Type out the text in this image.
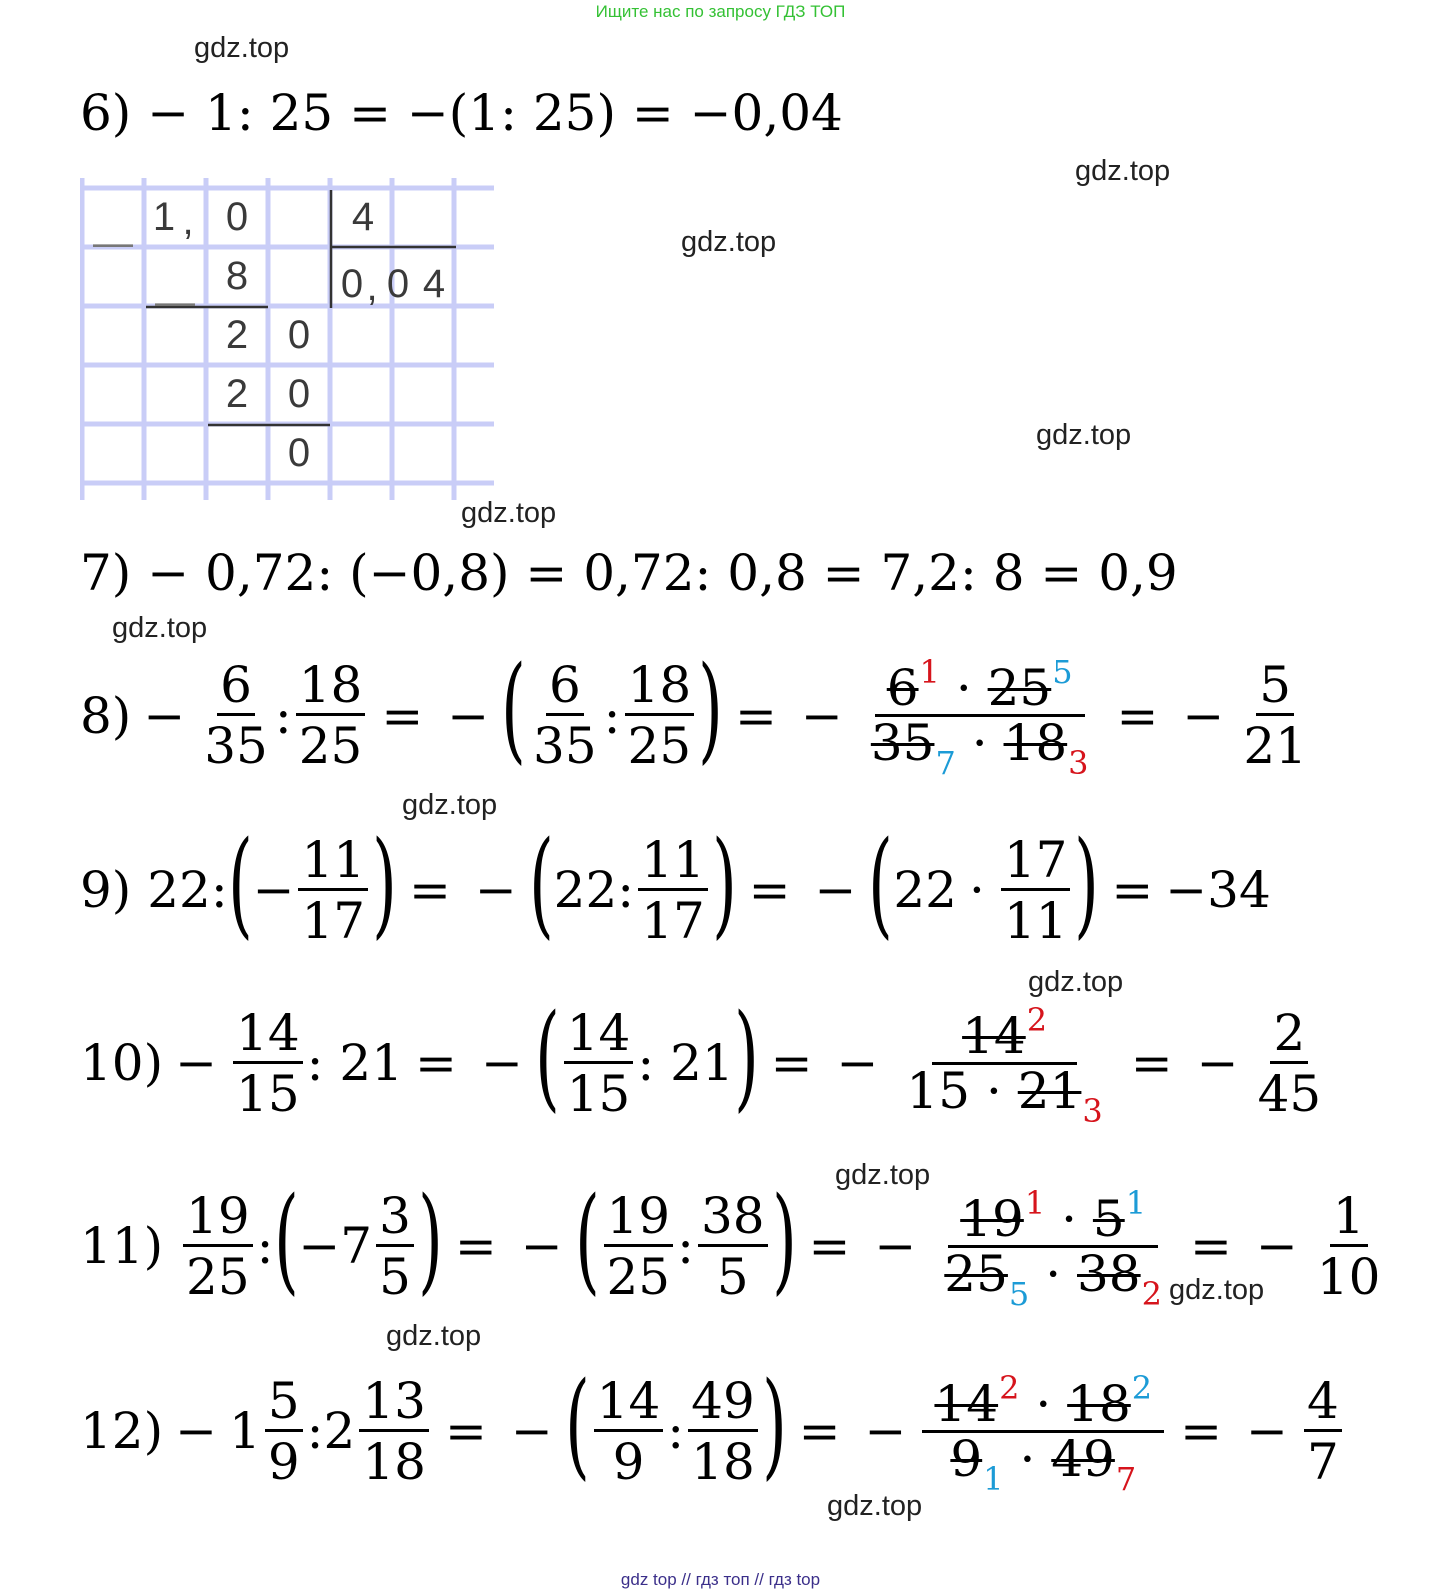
Ищите нас по запросу ГДЗ ТОП
gdz.top
gdz.top
gdz.top
gdz.top
gdz.top
gdz.top
gdz.top
gdz.top
gdz.top
gdz.top
gdz.top
gdz.top
6)
− 1: 25 = −(1: 25) = −0,04
—
—
1 , 0	4
8	0 , 0 4
2 0
2 0
0
7)
− 0,72: (−0,8) = 0,72: 0,8 = 7,2: 8 = 0,9
$8) - \frac{6}{35}$ : $\frac{18}{25}$ = − ( $\frac{6}{35}$ : $\frac{18}{25}$ ) = − $\frac{6^1 \cdot 25^5}{35_7 \cdot 18_3}$ = − $\frac{5}{21}$
9)
22: ( − $\frac{11}{17}$ ) = − ( 22: $\frac{11}{17}$ ) = − ( $22 \cdot \frac{17}{11}$ ) = −34
$10) - \frac{14}{15}$ : 21 = − ( $\frac{14}{15}$ : 21 ) = − $\frac{14^2}{15 \cdot 21_3}$ = − $\frac{2}{45}$
11)
$\frac{19}{25}$ : ( $-7 \frac{3}{5}$ ) = − ( $\frac{19}{25}$ : $\frac{38}{5}$ ) = − $\frac{19^1 \cdot 5^1}{25_5 \cdot 38_2}$ = − $\frac{1}{10}$
$12) - 1 \frac{5}{9}$ : $2 \frac{13}{18}$ = − ( $\frac{14}{9}$ : $\frac{49}{18}$ ) = − $\frac{14^2 \cdot 18^2}{9_1 \cdot 49_7}$ = − $\frac{4}{7}$
gdz top // гдз топ // гдз top
